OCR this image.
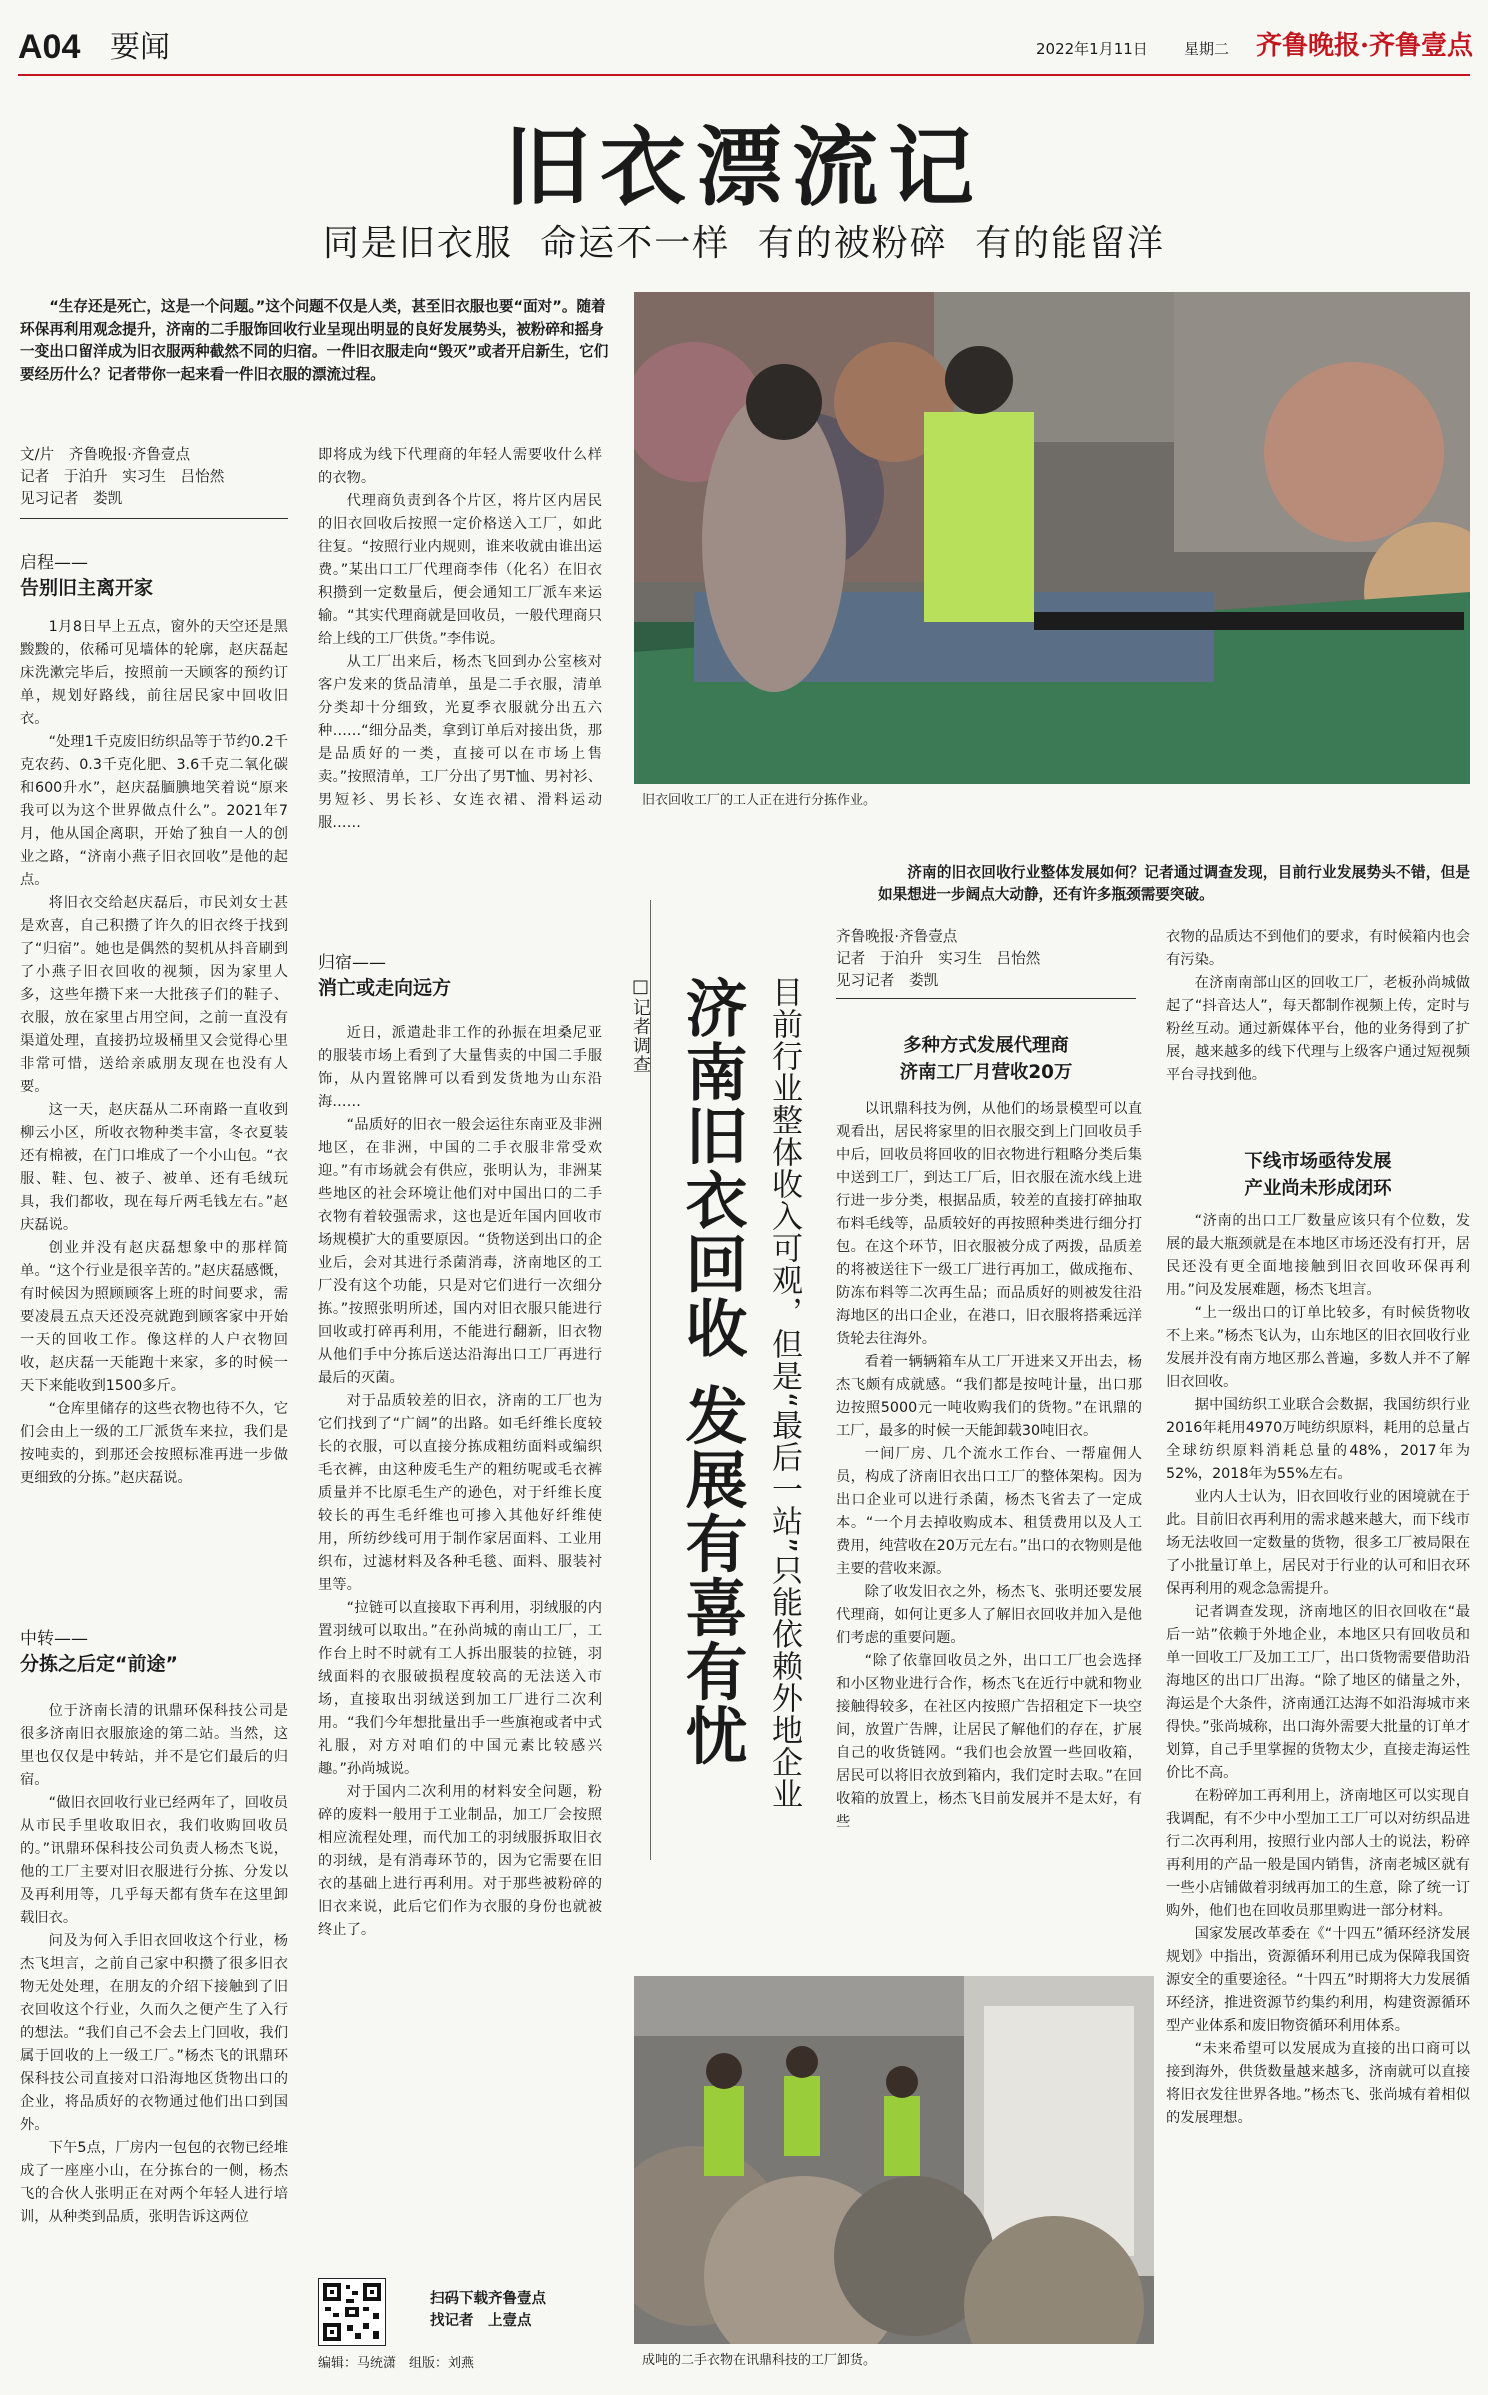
A04 要闻	2022年1月11日 星期二 齐鲁晚报·齐鲁壹点
旧衣漂流记
同是旧衣服 命运不一样 有的被粉碎 有的能留洋

“生存还是死亡，这是一个问题。”这个问题不仅是人类，甚至旧衣服也要“面对”。随着环保再利用观念提升，济南的二手服饰回收行业呈现出明显的良好发展势头，被粉碎和摇身一变出口留洋成为旧衣服两种截然不同的归宿。一件旧衣服走向“毁灭”或者开启新生，它们要经历什么？记者带你一起来看一件旧衣服的漂流过程。

旧衣回收工厂的工人正在进行分拣作业。
文/片　齐鲁晚报·齐鲁壹点
记者　于泊升　实习生　吕怡然
见习记者　娄凯
启程——
告别旧主离开家

1月8日早上五点，窗外的天空还是黑黢黢的，依稀可见墙体的轮廓，赵庆磊起床洗漱完毕后，按照前一天顾客的预约订单，规划好路线，前往居民家中回收旧衣。

“处理1千克废旧纺织品等于节约0.2千克农药、0.3千克化肥、3.6千克二氧化碳和600升水”，赵庆磊腼腆地笑着说“原来我可以为这个世界做点什么”。2021年7月，他从国企离职，开始了独自一人的创业之路，“济南小燕子旧衣回收”是他的起点。

将旧衣交给赵庆磊后，市民刘女士甚是欢喜，自己积攒了许久的旧衣终于找到了“归宿”。她也是偶然的契机从抖音刷到了小燕子旧衣回收的视频，因为家里人多，这些年攒下来一大批孩子们的鞋子、衣服，放在家里占用空间，之前一直没有渠道处理，直接扔垃圾桶里又会觉得心里非常可惜，送给亲戚朋友现在也没有人要。

这一天，赵庆磊从二环南路一直收到柳云小区，所收衣物种类丰富，冬衣夏装还有棉被，在门口堆成了一个小山包。“衣服、鞋、包、被子、被单、还有毛绒玩具，我们都收，现在每斤两毛钱左右。”赵庆磊说。

创业并没有赵庆磊想象中的那样简单。“这个行业是很辛苦的。”赵庆磊感慨，有时候因为照顾顾客上班的时间要求，需要凌晨五点天还没亮就跑到顾客家中开始一天的回收工作。像这样的人户衣物回收，赵庆磊一天能跑十来家，多的时候一天下来能收到1500多斤。

“仓库里储存的这些衣物也待不久，它们会由上一级的工厂派货车来拉，我们是按吨卖的，到那还会按照标准再进一步做更细致的分拣。”赵庆磊说。

中转——
分拣之后定“前途”

位于济南长清的讯鼎环保科技公司是很多济南旧衣服旅途的第二站。当然，这里也仅仅是中转站，并不是它们最后的归宿。

“做旧衣回收行业已经两年了，回收员从市民手里收取旧衣，我们收购回收员的。”讯鼎环保科技公司负责人杨杰飞说，他的工厂主要对旧衣服进行分拣、分发以及再利用等，几乎每天都有货车在这里卸载旧衣。

问及为何入手旧衣回收这个行业，杨杰飞坦言，之前自己家中积攒了很多旧衣物无处处理，在朋友的介绍下接触到了旧衣回收这个行业，久而久之便产生了入行的想法。“我们自己不会去上门回收，我们属于回收的上一级工厂。”杨杰飞的讯鼎环保科技公司直接对口沿海地区货物出口的企业，将品质好的衣物通过他们出口到国外。

下午5点，厂房内一包包的衣物已经堆成了一座座小山，在分拣台的一侧，杨杰飞的合伙人张明正在对两个年轻人进行培训，从种类到品质，张明告诉这两位

即将成为线下代理商的年轻人需要收什么样的衣物。

代理商负责到各个片区，将片区内居民的旧衣回收后按照一定价格送入工厂，如此往复。“按照行业内规则，谁来收就由谁出运费。”某出口工厂代理商李伟（化名）在旧衣积攒到一定数量后，便会通知工厂派车来运输。“其实代理商就是回收员，一般代理商只给上线的工厂供货。”李伟说。

从工厂出来后，杨杰飞回到办公室核对客户发来的货品清单，虽是二手衣服，清单分类却十分细致，光夏季衣服就分出五六种……“细分品类，拿到订单后对接出货，那是品质好的一类，直接可以在市场上售卖。”按照清单，工厂分出了男T恤、男衬衫、男短衫、男长衫、女连衣裙、滑料运动服……

归宿——
消亡或走向远方

近日，派遣赴非工作的孙振在坦桑尼亚的服装市场上看到了大量售卖的中国二手服饰，从内置铭牌可以看到发货地为山东沿海……

“品质好的旧衣一般会运往东南亚及非洲地区，在非洲，中国的二手衣服非常受欢迎。”有市场就会有供应，张明认为，非洲某些地区的社会环境让他们对中国出口的二手衣物有着较强需求，这也是近年国内回收市场规模扩大的重要原因。“货物送到出口的企业后，会对其进行杀菌消毒，济南地区的工厂没有这个功能，只是对它们进行一次细分拣。”按照张明所述，国内对旧衣服只能进行回收或打碎再利用，不能进行翻新，旧衣物从他们手中分拣后送达沿海出口工厂再进行最后的灭菌。

对于品质较差的旧衣，济南的工厂也为它们找到了“广阔”的出路。如毛纤维长度较长的衣服，可以直接分拣成粗纺面料或编织毛衣裤，由这种废毛生产的粗纺呢或毛衣裤质量并不比原毛生产的逊色，对于纤维长度较长的再生毛纤维也可掺入其他好纤维使用，所纺纱线可用于制作家居面料、工业用织布，过滤材料及各种毛毯、面料、服装衬里等。

“拉链可以直接取下再利用，羽绒服的内置羽绒可以取出。”在孙尚城的南山工厂，工作台上时不时就有工人拆出服装的拉链，羽绒面料的衣服破损程度较高的无法送入市场，直接取出羽绒送到加工厂进行二次利用。“我们今年想批量出手一些旗袍或者中式礼服，对方对咱们的中国元素比较感兴趣。”孙尚城说。

对于国内二次利用的材料安全问题，粉碎的废料一般用于工业制品，加工厂会按照相应流程处理，而代加工的羽绒服拆取旧衣的羽绒，是有消毒环节的，因为它需要在旧衣的基础上进行再利用。对于那些被粉碎的旧衣来说，此后它们作为衣服的身份也就被终止了。

扫码下载齐鲁壹点
找记者　上壹点
编辑：马统潇　组版：刘燕

济南的旧衣回收行业整体发展如何？记者通过调查发现，目前行业发展势头不错，但是如果想进一步阔点大动静，还有许多瓶颈需要突破。

□记者调查 济南旧衣回收 发展有喜有忧 目前行业整体收入可观，但是“最后一站”只能依赖外地企业
齐鲁晚报·齐鲁壹点
记者　于泊升　实习生　吕怡然
见习记者　娄凯
多种方式发展代理商
济南工厂月营收20万

以讯鼎科技为例，从他们的场景模型可以直观看出，居民将家里的旧衣服交到上门回收员手中后，回收员将回收的旧衣物进行粗略分类后集中送到工厂，到达工厂后，旧衣服在流水线上进行进一步分类，根据品质，较差的直接打碎抽取布料毛线等，品质较好的再按照种类进行细分打包。在这个环节，旧衣服被分成了两拨，品质差的将被送往下一级工厂进行再加工，做成拖布、防冻布料等二次再生品；而品质好的则被发往沿海地区的出口企业，在港口，旧衣服将搭乘远洋货轮去往海外。

看着一辆辆箱车从工厂开进来又开出去，杨杰飞颇有成就感。“我们都是按吨计量，出口那边按照5000元一吨收购我们的货物。”在讯鼎的工厂，最多的时候一天能卸载30吨旧衣。

一间厂房、几个流水工作台、一帮雇佣人员，构成了济南旧衣出口工厂的整体架构。因为出口企业可以进行杀菌，杨杰飞省去了一定成本。“一个月去掉收购成本、租赁费用以及人工费用，纯营收在20万元左右。”出口的衣物则是他主要的营收来源。

除了收发旧衣之外，杨杰飞、张明还要发展代理商，如何让更多人了解旧衣回收并加入是他们考虑的重要问题。

“除了依靠回收员之外，出口工厂也会选择和小区物业进行合作，杨杰飞在近行中就和物业接触得较多，在社区内按照广告招租定下一块空间，放置广告牌，让居民了解他们的存在，扩展自己的收货链网。“我们也会放置一些回收箱，居民可以将旧衣放到箱内，我们定时去取。”在回收箱的放置上，杨杰飞目前发展并不是太好，有些

衣物的品质达不到他们的要求，有时候箱内也会有污染。

在济南南部山区的回收工厂，老板孙尚城做起了“抖音达人”，每天都制作视频上传，定时与粉丝互动。通过新媒体平台，他的业务得到了扩展，越来越多的线下代理与上级客户通过短视频平台寻找到他。

下线市场亟待发展
产业尚未形成闭环

“济南的出口工厂数量应该只有个位数，发展的最大瓶颈就是在本地区市场还没有打开，居民还没有更全面地接触到旧衣回收环保再利用。”问及发展难题，杨杰飞坦言。

“上一级出口的订单比较多，有时候货物收不上来。”杨杰飞认为，山东地区的旧衣回收行业发展并没有南方地区那么普遍，多数人并不了解旧衣回收。

据中国纺织工业联合会数据，我国纺织行业2016年耗用4970万吨纺织原料，耗用的总量占全球纺织原料消耗总量的48%，2017年为52%，2018年为55%左右。

业内人士认为，旧衣回收行业的困境就在于此。目前旧衣再利用的需求越来越大，而下线市场无法收回一定数量的货物，很多工厂被局限在了小批量订单上，居民对于行业的认可和旧衣环保再利用的观念急需提升。

记者调查发现，济南地区的旧衣回收在“最后一站”依赖于外地企业，本地区只有回收员和单一回收工厂及加工工厂，出口货物需要借助沿海地区的出口厂出海。“除了地区的储量之外，海运是个大条件，济南通江达海不如沿海城市来得快。”张尚城称，出口海外需要大批量的订单才划算，自己手里掌握的货物太少，直接走海运性价比不高。

在粉碎加工再利用上，济南地区可以实现自我调配，有不少中小型加工工厂可以对纺织品进行二次再利用，按照行业内部人士的说法，粉碎再利用的产品一般是国内销售，济南老城区就有一些小店铺做着羽绒再加工的生意，除了统一订购外，他们也在回收员那里购进一部分材料。

国家发展改革委在《“十四五”循环经济发展规划》中指出，资源循环利用已成为保障我国资源安全的重要途径。“十四五”时期将大力发展循环经济，推进资源节约集约利用，构建资源循环型产业体系和废旧物资循环利用体系。

“未来希望可以发展成为直接的出口商可以接到海外，供货数量越来越多，济南就可以直接将旧衣发往世界各地。”杨杰飞、张尚城有着相似的发展理想。

成吨的二手衣物在讯鼎科技的工厂卸货。
